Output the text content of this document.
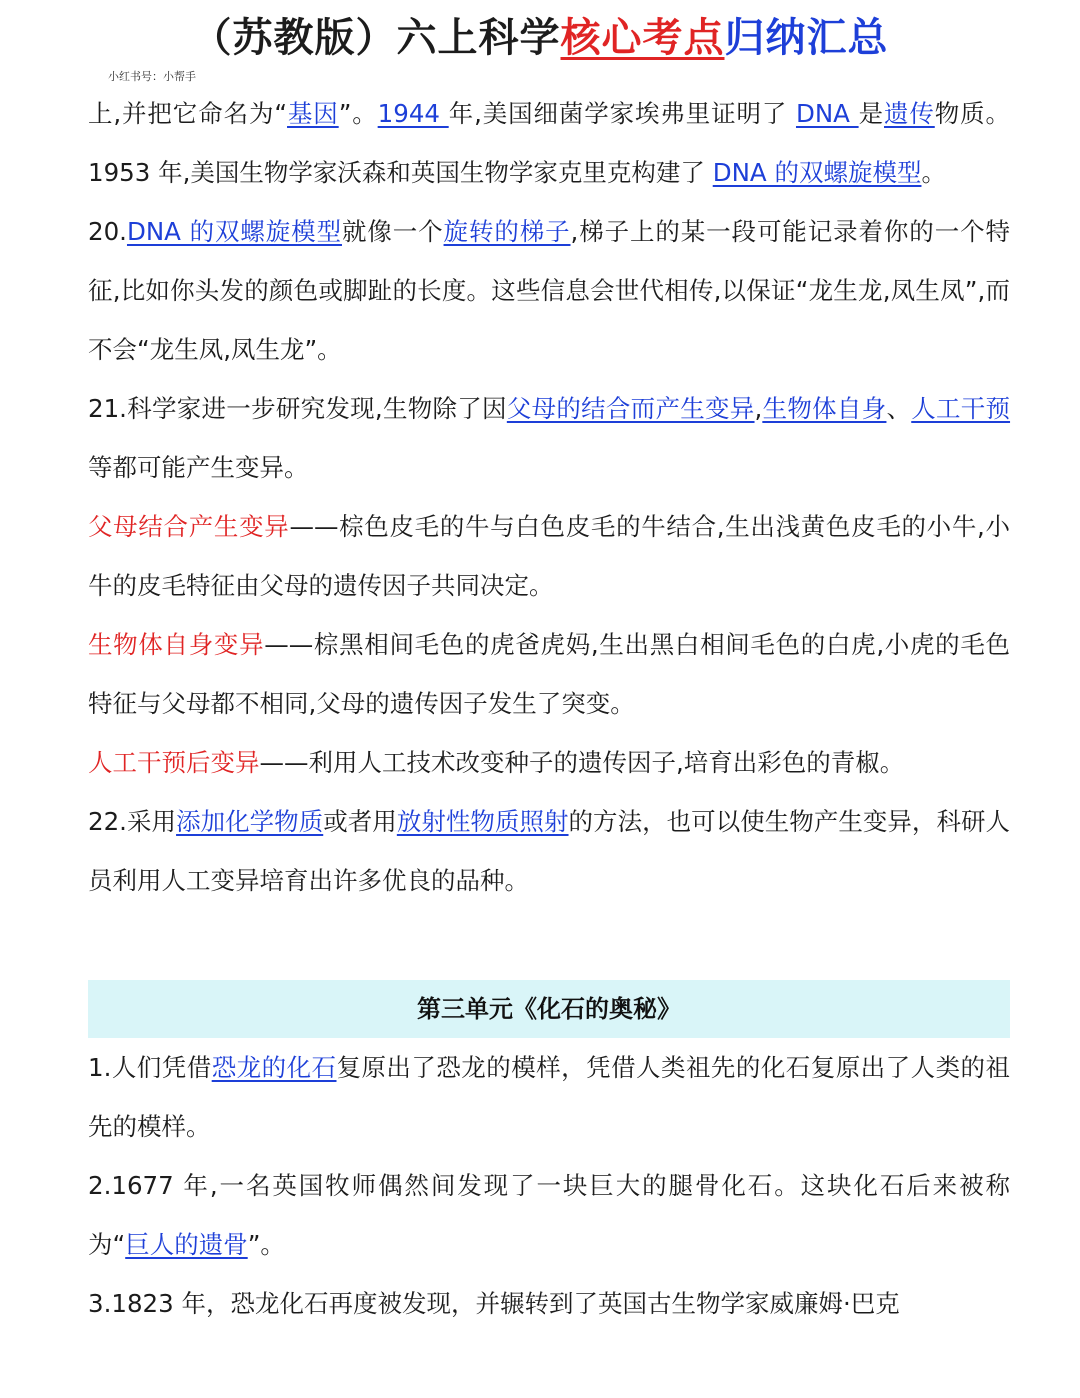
（苏教版）六上科学核心考点归纳汇总
小红书号：小帮手

上,并把它命名为“基因”。1944 年,美国细菌学家埃弗里证明了 DNA 是遗传物质。1953 年,美国生物学家沃森和英国生物学家克里克构建了 DNA 的双螺旋模型。

20.DNA 的双螺旋模型就像一个旋转的梯子,梯子上的某一段可能记录着你的一个特征,比如你头发的颜色或脚趾的长度。这些信息会世代相传,以保证“龙生龙,凤生凤”,而不会“龙生凤,凤生龙”。

21.科学家进一步研究发现,生物除了因父母的结合而产生变异,生物体自身、人工干预等都可能产生变异。

父母结合产生变异——棕色皮毛的牛与白色皮毛的牛结合,生出浅黄色皮毛的小牛,小牛的皮毛特征由父母的遗传因子共同决定。

生物体自身变异——棕黑相间毛色的虎爸虎妈,生出黑白相间毛色的白虎,小虎的毛色特征与父母都不相同,父母的遗传因子发生了突变。

人工干预后变异——利用人工技术改变种子的遗传因子,培育出彩色的青椒。

22.采用添加化学物质或者用放射性物质照射的方法，也可以使生物产生变异，科研人员利用人工变异培育出许多优良的品种。

第三单元《化石的奥秘》

1.人们凭借恐龙的化石复原出了恐龙的模样，凭借人类祖先的化石复原出了人类的祖先的模样。

2.1677 年,一名英国牧师偶然间发现了一块巨大的腿骨化石。这块化石后来被称为“巨人的遗骨”。

3.1823 年，恐龙化石再度被发现，并辗转到了英国古生物学家威廉姆·巴克
